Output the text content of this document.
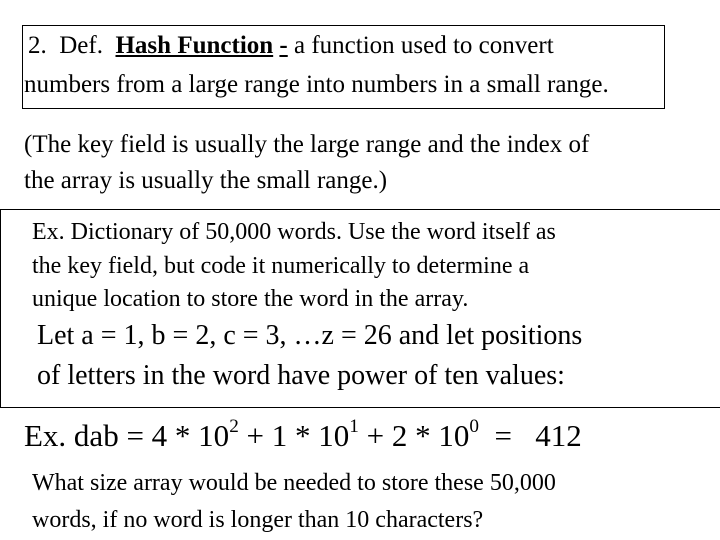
2. Def. Hash Function - a function used to convert
numbers from a large range into numbers in a small range.
(The key field is usually the large range and the index of
the array is usually the small range.)
Ex. Dictionary of 50,000 words. Use the word itself as
the key field, but code it numerically to determine a
unique location to store the word in the array.
Let a = 1, b = 2, c = 3, …z = 26 and let positions
of letters in the word have power of ten values:
Ex. dab = $4 * 10^2 + 1 * 10^1 + 2 * 10^0 = 412$
What size array would be needed to store these 50,000
words, if no word is longer than 10 characters?
